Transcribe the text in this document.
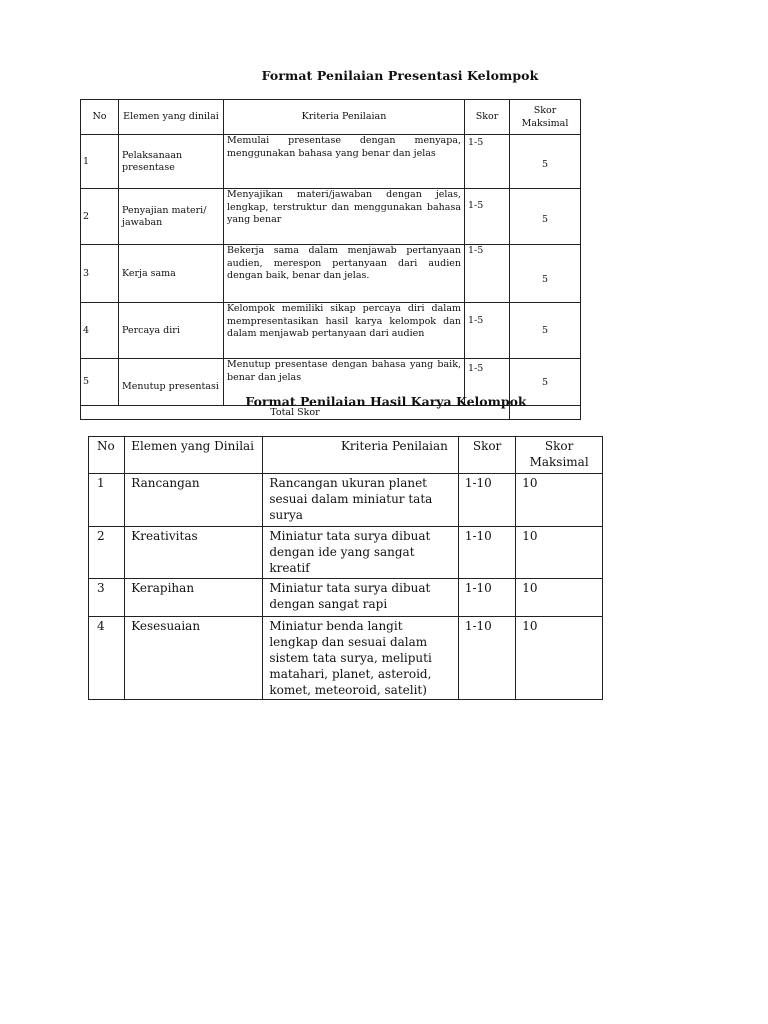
Format Penilaian Presentasi Kelompok
No	Elemen yang dinilai	Kriteria Penilaian	Skor	Skor Maksimal
1	Pelaksanaan presentase	Memulai presentase dengan menyapa, menggunakan bahasa yang benar dan jelas	1-5	5
2	Penyajian materi/ jawaban	Menyajikan materi/jawaban dengan jelas, lengkap, terstruktur dan menggunakan bahasa yang benar	1-5	5
3	Kerja sama	Bekerja sama dalam menjawab pertanyaan audien, merespon pertanyaan dari audien dengan baik, benar dan jelas.	1-5	5
4	Percaya diri	Kelompok memiliki sikap percaya diri dalam mempresentasikan hasil karya kelompok dan dalam menjawab pertanyaan dari audien	1-5	5
5	Menutup presentasi	Menutup presentase dengan bahasa yang baik, benar dan jelas	1-5	5
Total Skor				
Format Penilaian Hasil Karya Kelompok
No	Elemen yang Dinilai	Kriteria Penilaian	Skor	Skor Maksimal
1	Rancangan	Rancangan ukuran planet sesuai dalam miniatur tata surya	1-10	10
2	Kreativitas	Miniatur tata surya dibuat dengan ide yang sangat kreatif	1-10	10
3	Kerapihan	Miniatur tata surya dibuat dengan sangat rapi	1-10	10
4	Kesesuaian	Miniatur benda langit lengkap dan sesuai dalam sistem tata surya, meliputi matahari, planet, asteroid, komet, meteoroid, satelit)	1-10	10
